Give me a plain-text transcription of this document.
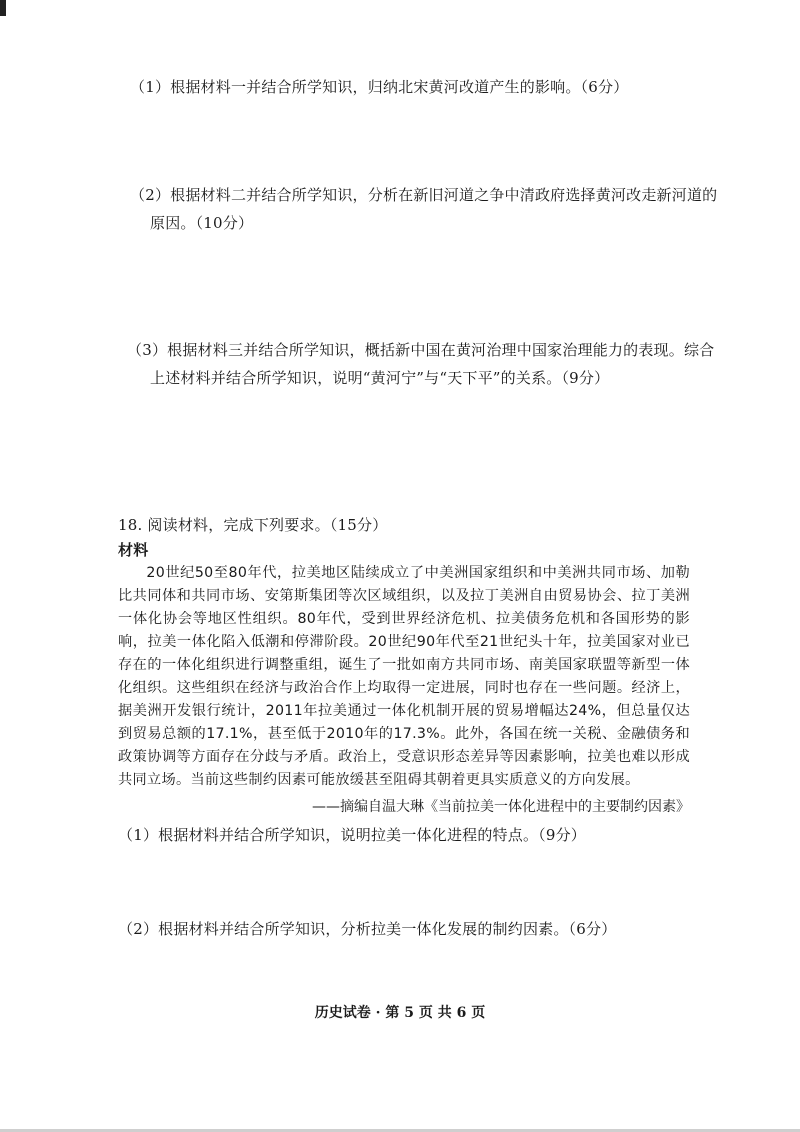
（1）根据材料一并结合所学知识，归纳北宋黄河改道产生的影响。（6分）
（2）根据材料二并结合所学知识，分析在新旧河道之争中清政府选择黄河改走新河道的
原因。（10分）
（3）根据材料三并结合所学知识，概括新中国在黄河治理中国家治理能力的表现。综合
上述材料并结合所学知识，说明“黄河宁”与“天下平”的关系。（9分）
18. 阅读材料，完成下列要求。（15分）
材料
20世纪50至80年代，拉美地区陆续成立了中美洲国家组织和中美洲共同市场、加勒比共同体和共同市场、安第斯集团等次区域组织，以及拉丁美洲自由贸易协会、拉丁美洲一体化协会等地区性组织。80年代，受到世界经济危机、拉美债务危机和各国形势的影响，拉美一体化陷入低潮和停滞阶段。20世纪90年代至21世纪头十年，拉美国家对业已存在的一体化组织进行调整重组，诞生了一批如南方共同市场、南美国家联盟等新型一体化组织。这些组织在经济与政治合作上均取得一定进展，同时也存在一些问题。经济上，据美洲开发银行统计，2011年拉美通过一体化机制开展的贸易增幅达24%，但总量仅达到贸易总额的17.1%，甚至低于2010年的17.3%。此外，各国在统一关税、金融债务和政策协调等方面存在分歧与矛盾。政治上，受意识形态差异等因素影响，拉美也难以形成共同立场。当前这些制约因素可能放缓甚至阻碍其朝着更具实质意义的方向发展。
——摘编自温大琳《当前拉美一体化进程中的主要制约因素》
（1）根据材料并结合所学知识，说明拉美一体化进程的特点。（9分）
（2）根据材料并结合所学知识，分析拉美一体化发展的制约因素。（6分）
历史试卷 · 第 5 页 共 6 页
